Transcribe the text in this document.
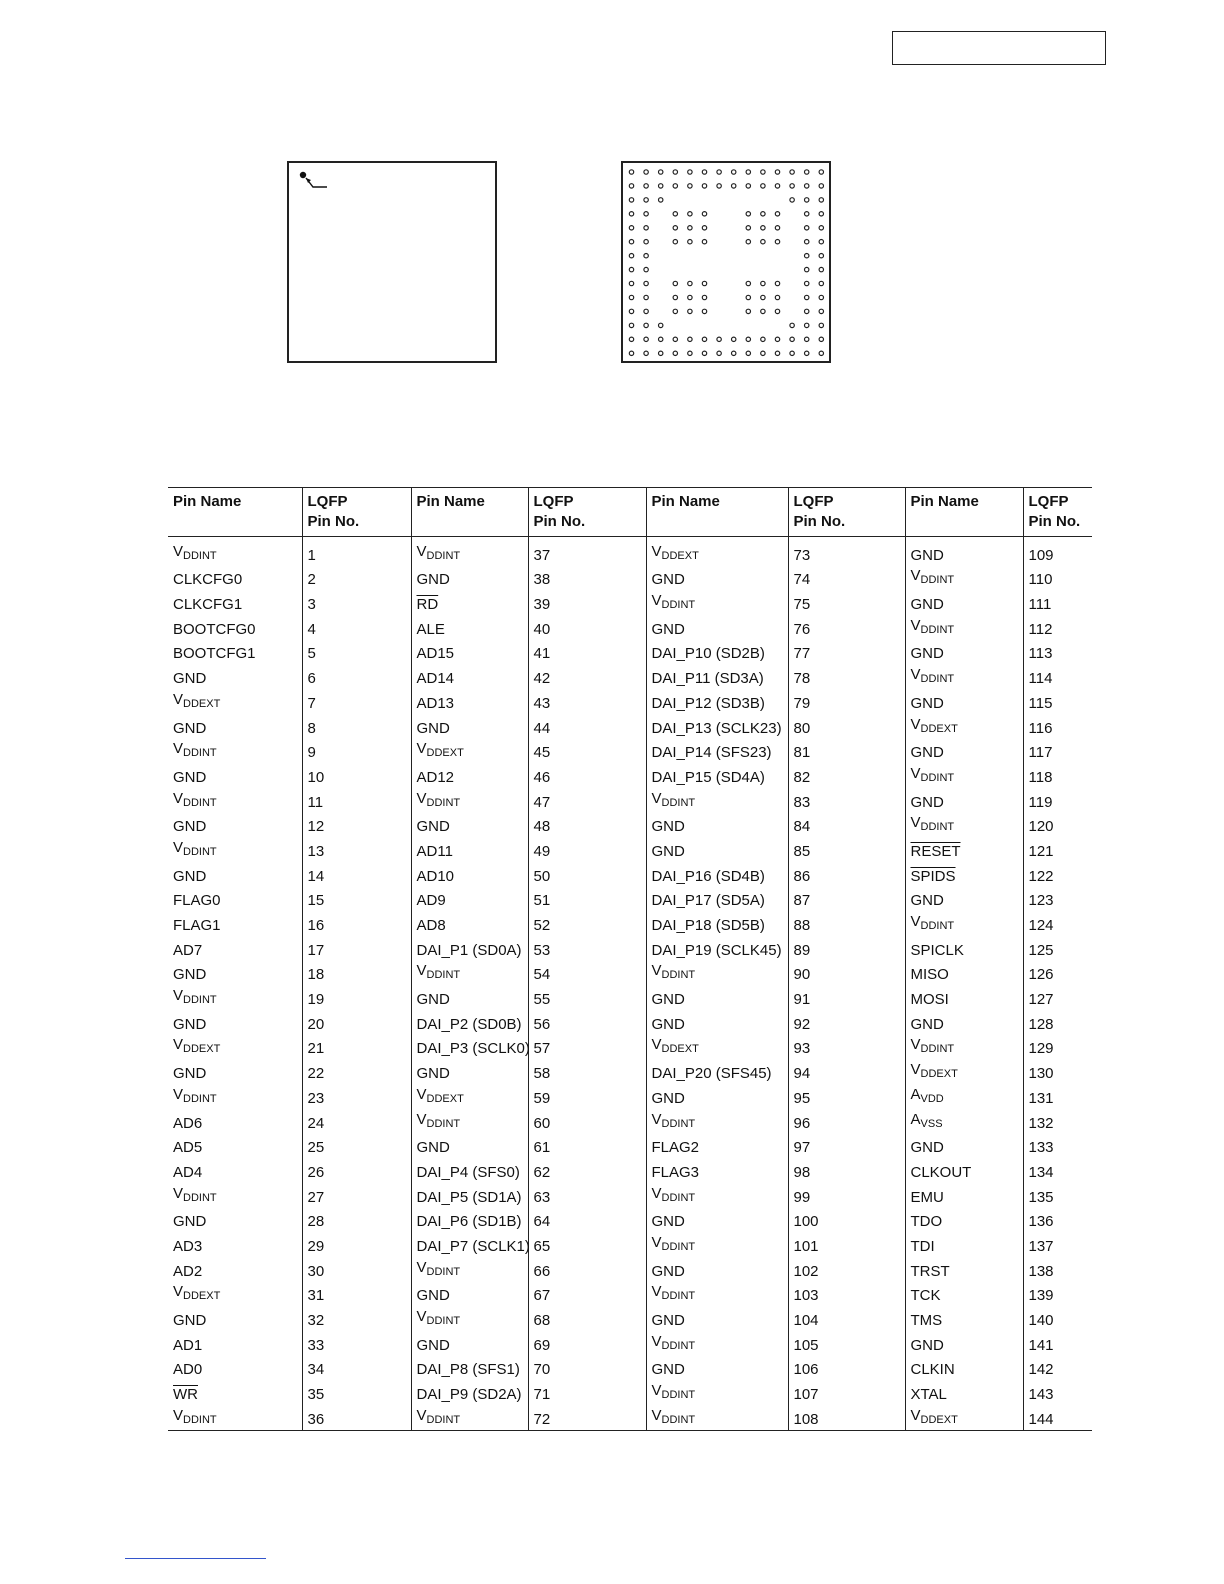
Pin Name	LQFP
Pin No.	Pin Name	LQFP
Pin No.	Pin Name	LQFP
Pin No.	Pin Name	LQFP
Pin No.

$V_{DDINT}$	1	$V_{DDINT}$	37	$V_{DDEXT}$	73	GND	109
CLKCFG0	2	GND	38	GND	74	$V_{DDINT}$	110
CLKCFG1	3	$\overline{RD}$	39	$V_{DDINT}$	75	GND	111
BOOTCFG0	4	ALE	40	GND	76	$V_{DDINT}$	112
BOOTCFG1	5	AD15	41	DAI_P10 (SD2B)	77	GND	113
GND	6	AD14	42	DAI_P11 (SD3A)	78	$V_{DDINT}$	114
$V_{DDEXT}$	7	AD13	43	DAI_P12 (SD3B)	79	GND	115
GND	8	GND	44	DAI_P13 (SCLK23)	80	$V_{DDEXT}$	116
$V_{DDINT}$	9	$V_{DDEXT}$	45	DAI_P14 (SFS23)	81	GND	117
GND	10	AD12	46	DAI_P15 (SD4A)	82	$V_{DDINT}$	118
$V_{DDINT}$	11	$V_{DDINT}$	47	$V_{DDINT}$	83	GND	119
GND	12	GND	48	GND	84	$V_{DDINT}$	120
$V_{DDINT}$	13	AD11	49	GND	85	RESET	121
GND	14	AD10	50	DAI_P16 (SD4B)	86	SPIDS	122
FLAG0	15	AD9	51	DAI_P17 (SD5A)	87	GND	123
FLAG1	16	AD8	52	DAI_P18 (SD5B)	88	$V_{DDINT}$	124
AD7	17	DAI_P1 (SD0A)	53	DAI_P19 (SCLK45)	89	SPICLK	125
GND	18	$V_{DDINT}$	54	$V_{DDINT}$	90	MISO	126
$V_{DDINT}$	19	GND	55	GND	91	MOSI	127
GND	20	DAI_P2 (SD0B)	56	GND	92	GND	128
$V_{DDEXT}$	21	DAI_P3 (SCLK0)	57	$V_{DDEXT}$	93	$V_{DDINT}$	129
GND	22	GND	58	DAI_P20 (SFS45)	94	$V_{DDEXT}$	130
$V_{DDINT}$	23	$V_{DDEXT}$	59	GND	95	$A_{VDD}$	131
AD6	24	$V_{DDINT}$	60	$V_{DDINT}$	96	$A_{VSS}$	132
AD5	25	GND	61	FLAG2	97	GND	133
AD4	26	DAI_P4 (SFS0)	62	FLAG3	98	CLKOUT	134
$V_{DDINT}$	27	DAI_P5 (SD1A)	63	$V_{DDINT}$	99	EMU	135
GND	28	DAI_P6 (SD1B)	64	GND	100	TDO	136
AD3	29	DAI_P7 (SCLK1)	65	$V_{DDINT}$	101	TDI	137
AD2	30	$V_{DDINT}$	66	GND	102	TRST	138
$V_{DDEXT}$	31	GND	67	$V_{DDINT}$	103	TCK	139
GND	32	$V_{DDINT}$	68	GND	104	TMS	140
AD1	33	GND	69	$V_{DDINT}$	105	GND	141
AD0	34	DAI_P8 (SFS1)	70	GND	106	CLKIN	142
$\overline{WR}$	35	DAI_P9 (SD2A)	71	$V_{DDINT}$	107	XTAL	143
$V_{DDINT}$	36	$V_{DDINT}$	72	$V_{DDINT}$	108	$V_{DDEXT}$	144
